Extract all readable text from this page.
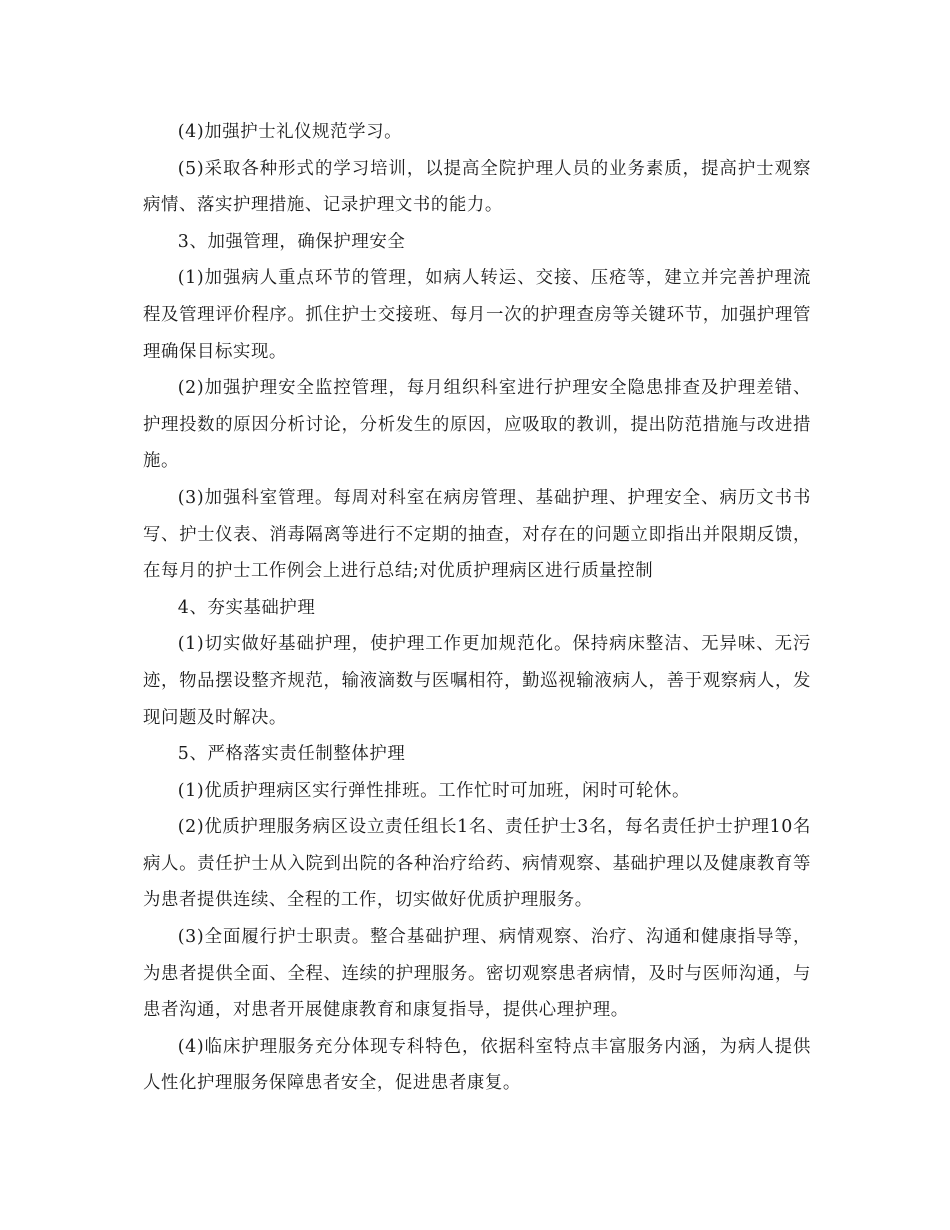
(4)加强护士礼仪规范学习。

(5)采取各种形式的学习培训，以提高全院护理人员的业务素质，提高护士观察病情、落实护理措施、记录护理文书的能力。

3、加强管理，确保护理安全

(1)加强病人重点环节的管理，如病人转运、交接、压疮等，建立并完善护理流程及管理评价程序。抓住护士交接班、每月一次的护理查房等关键环节，加强护理管理确保目标实现。

(2)加强护理安全监控管理，每月组织科室进行护理安全隐患排查及护理差错、护理投数的原因分析讨论，分析发生的原因，应吸取的教训，提出防范措施与改进措施。

(3)加强科室管理。每周对科室在病房管理、基础护理、护理安全、病历文书书写、护士仪表、消毒隔离等进行不定期的抽查，对存在的问题立即指出并限期反馈，在每月的护士工作例会上进行总结;对优质护理病区进行质量控制

4、夯实基础护理

(1)切实做好基础护理，使护理工作更加规范化。保持病床整洁、无异味、无污迹，物品摆设整齐规范，输液滴数与医嘱相符，勤巡视输液病人，善于观察病人，发现问题及时解决。

5、严格落实责任制整体护理

(1)优质护理病区实行弹性排班。工作忙时可加班，闲时可轮休。

(2)优质护理服务病区设立责任组长1名、责任护士3名，每名责任护士护理10名病人。责任护士从入院到出院的各种治疗给药、病情观察、基础护理以及健康教育等为患者提供连续、全程的工作，切实做好优质护理服务。

(3)全面履行护士职责。整合基础护理、病情观察、治疗、沟通和健康指导等，为患者提供全面、全程、连续的护理服务。密切观察患者病情，及时与医师沟通，与患者沟通，对患者开展健康教育和康复指导，提供心理护理。

(4)临床护理服务充分体现专科特色，依据科室特点丰富服务内涵，为病人提供人性化护理服务保障患者安全，促进患者康复。
